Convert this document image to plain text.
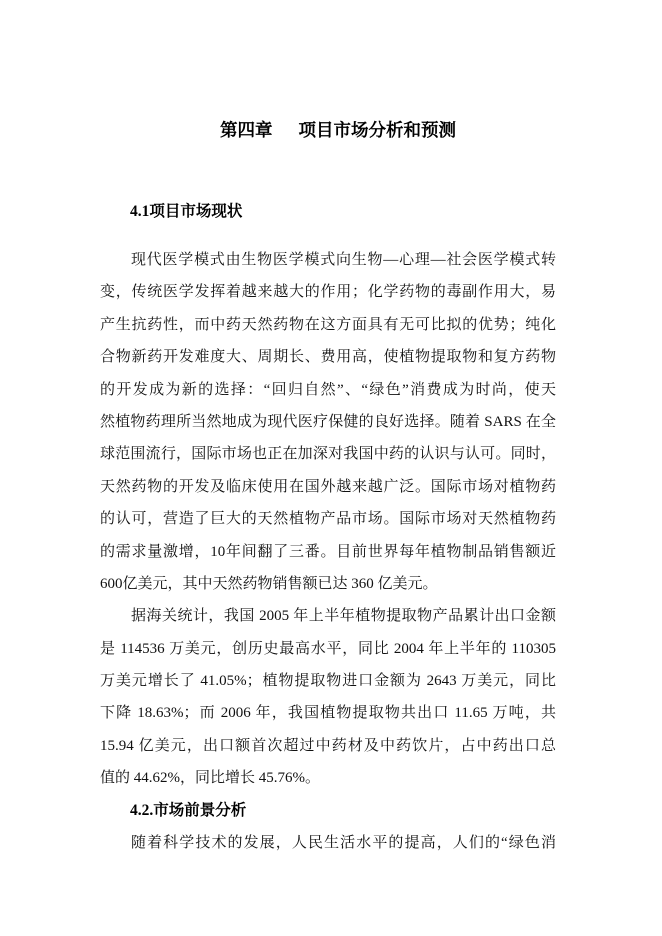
第四章 项目市场分析和预测
4.1项目市场现状
现代医学模式由生物医学模式向生物—心理—社会医学模式转
变，传统医学发挥着越来越大的作用；化学药物的毒副作用大，易
产生抗药性，而中药天然药物在这方面具有无可比拟的优势；纯化
合物新药开发难度大、周期长、费用高，使植物提取物和复方药物
的开发成为新的选择：“回归自然”、“绿色”消费成为时尚，使天
然植物药理所当然地成为现代医疗保健的良好选择。随着 SARS 在全
球范围流行，国际市场也正在加深对我国中药的认识与认可。同时，
天然药物的开发及临床使用在国外越来越广泛。国际市场对植物药
的认可，营造了巨大的天然植物产品市场。国际市场对天然植物药
的需求量激增，10年间翻了三番。目前世界每年植物制品销售额近
600亿美元，其中天然药物销售额已达 360 亿美元。
据海关统计，我国 2005 年上半年植物提取物产品累计出口金额
是 114536 万美元，创历史最高水平，同比 2004 年上半年的 110305
万美元增长了 41.05%；植物提取物进口金额为 2643 万美元，同比
下降 18.63%；而 2006 年，我国植物提取物共出口 11.65 万吨，共
15.94 亿美元，出口额首次超过中药材及中药饮片，占中药出口总
值的 44.62%，同比增长 45.76%。
4.2.市场前景分析
随着科学技术的发展，人民生活水平的提高，人们的“绿色消
